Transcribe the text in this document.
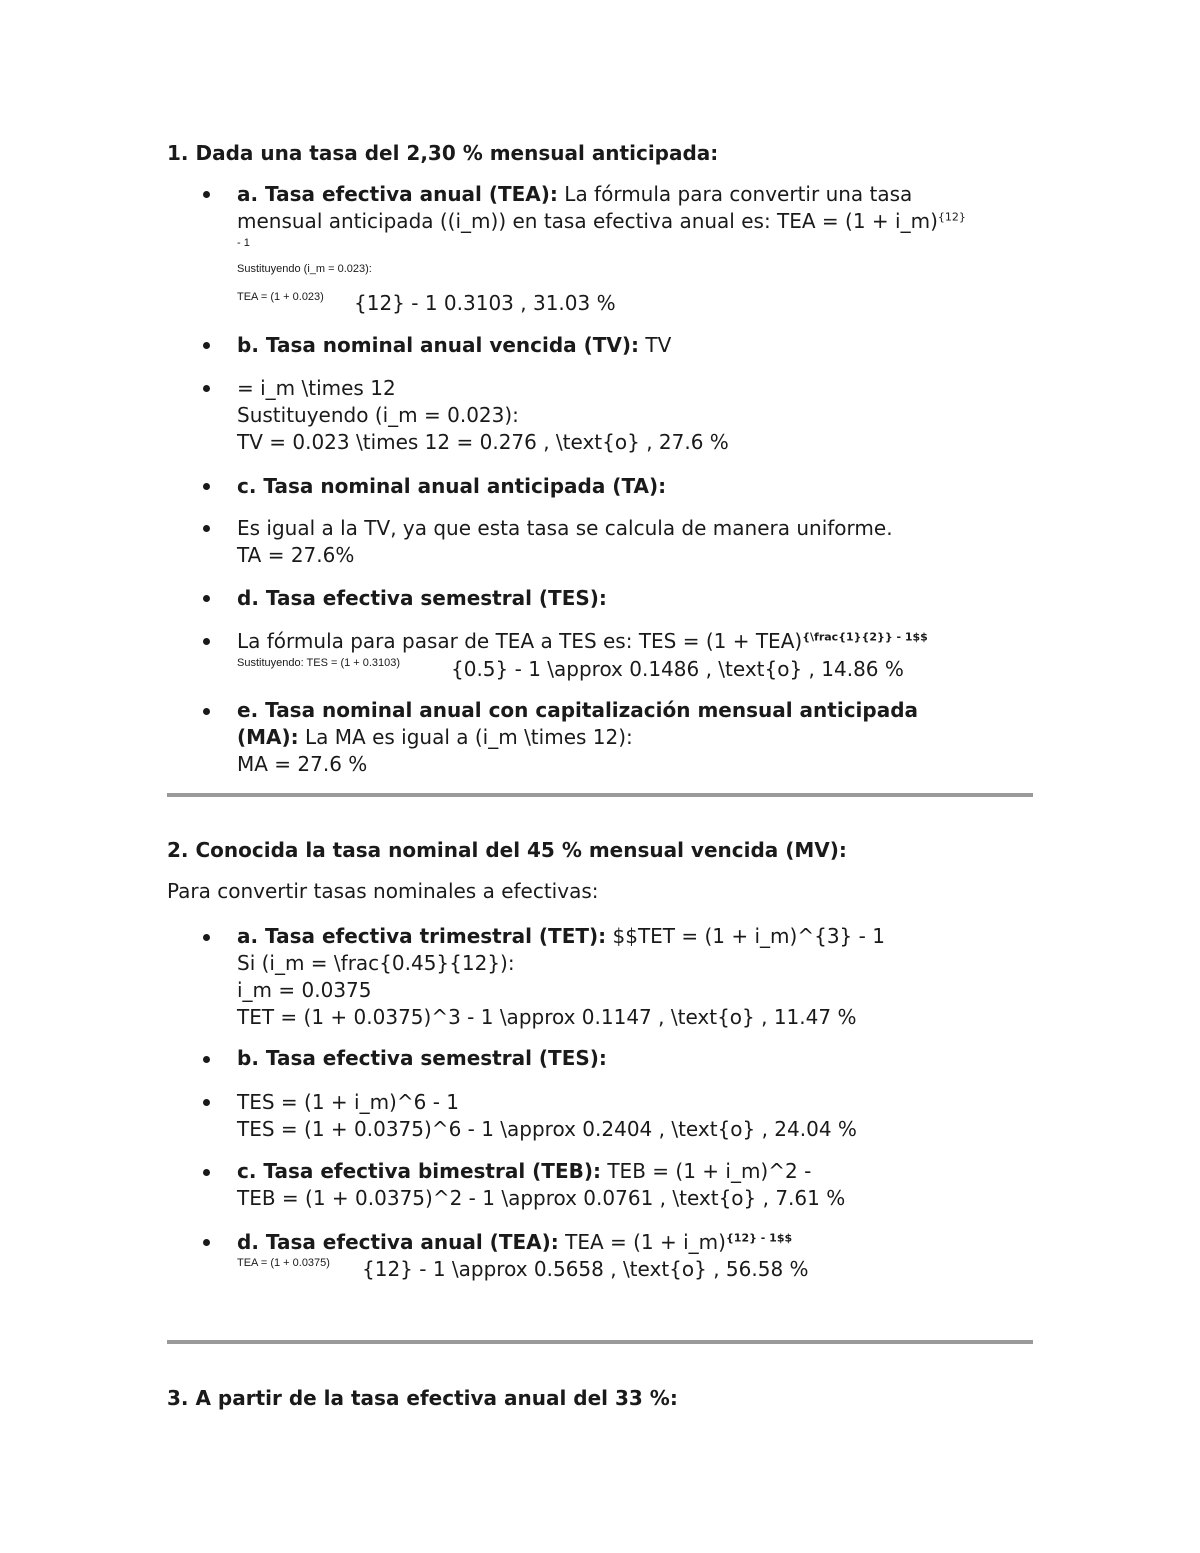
1. Dada una tasa del 2,30 % mensual anticipada:
a. Tasa efectiva anual (TEA): La fórmula para convertir una tasa
mensual anticipada ((i_m)) en tasa efectiva anual es: TEA = (1 + i_m)$^{\{12\}}$
- 1
Sustituyendo (i_m = 0.023):
TEA = (1 + 0.023) {12} - 1 0.3103 , 31.03 %
b. Tasa nominal anual vencida (TV): TV
= i_m \times 12
Sustituyendo (i_m = 0.023):
TV = 0.023 \times 12 = 0.276 , \text{o} , 27.6 %
c. Tasa nominal anual anticipada (TA):
Es igual a la TV, ya que esta tasa se calcula de manera uniforme.
TA = 27.6%
d. Tasa efectiva semestral (TES):
La fórmula para pasar de TEA a TES es: TES = (1 + TEA)$^{\{\backslash frac\{1\}\{2\}\} - 1\$\$}$
Sustituyendo: TES = (1 + 0.3103)	{0.5} - 1 \approx 0.1486 , \text{o} , 14.86 %
e. Tasa nominal anual con capitalización mensual anticipada
(MA): La MA es igual a (i_m \times 12):
MA = 27.6 %
2. Conocida la tasa nominal del 45 % mensual vencida (MV):
Para convertir tasas nominales a efectivas:
a. Tasa efectiva trimestral (TET): $$TET = (1 + i_m)^{3} - 1
Si (i_m = \frac{0.45}{12}):
i_m = 0.0375
TET = (1 + 0.0375)^3 - 1 \approx 0.1147 , \text{o} , 11.47 %
b. Tasa efectiva semestral (TES):
TES = (1 + i_m)^6 - 1
TES = (1 + 0.0375)^6 - 1 \approx 0.2404 , \text{o} , 24.04 %
c. Tasa efectiva bimestral (TEB): TEB = (1 + i_m)^2 -
TEB = (1 + 0.0375)^2 - 1 \approx 0.0761 , \text{o} , 7.61 %
d. Tasa efectiva anual (TEA): TEA = (1 + i_m)$^{\{12\} - 1\$\$}$
TEA = (1 + 0.0375) {12} - 1 \approx 0.5658 , \text{o} , 56.58 %
3. A partir de la tasa efectiva anual del 33 %:
